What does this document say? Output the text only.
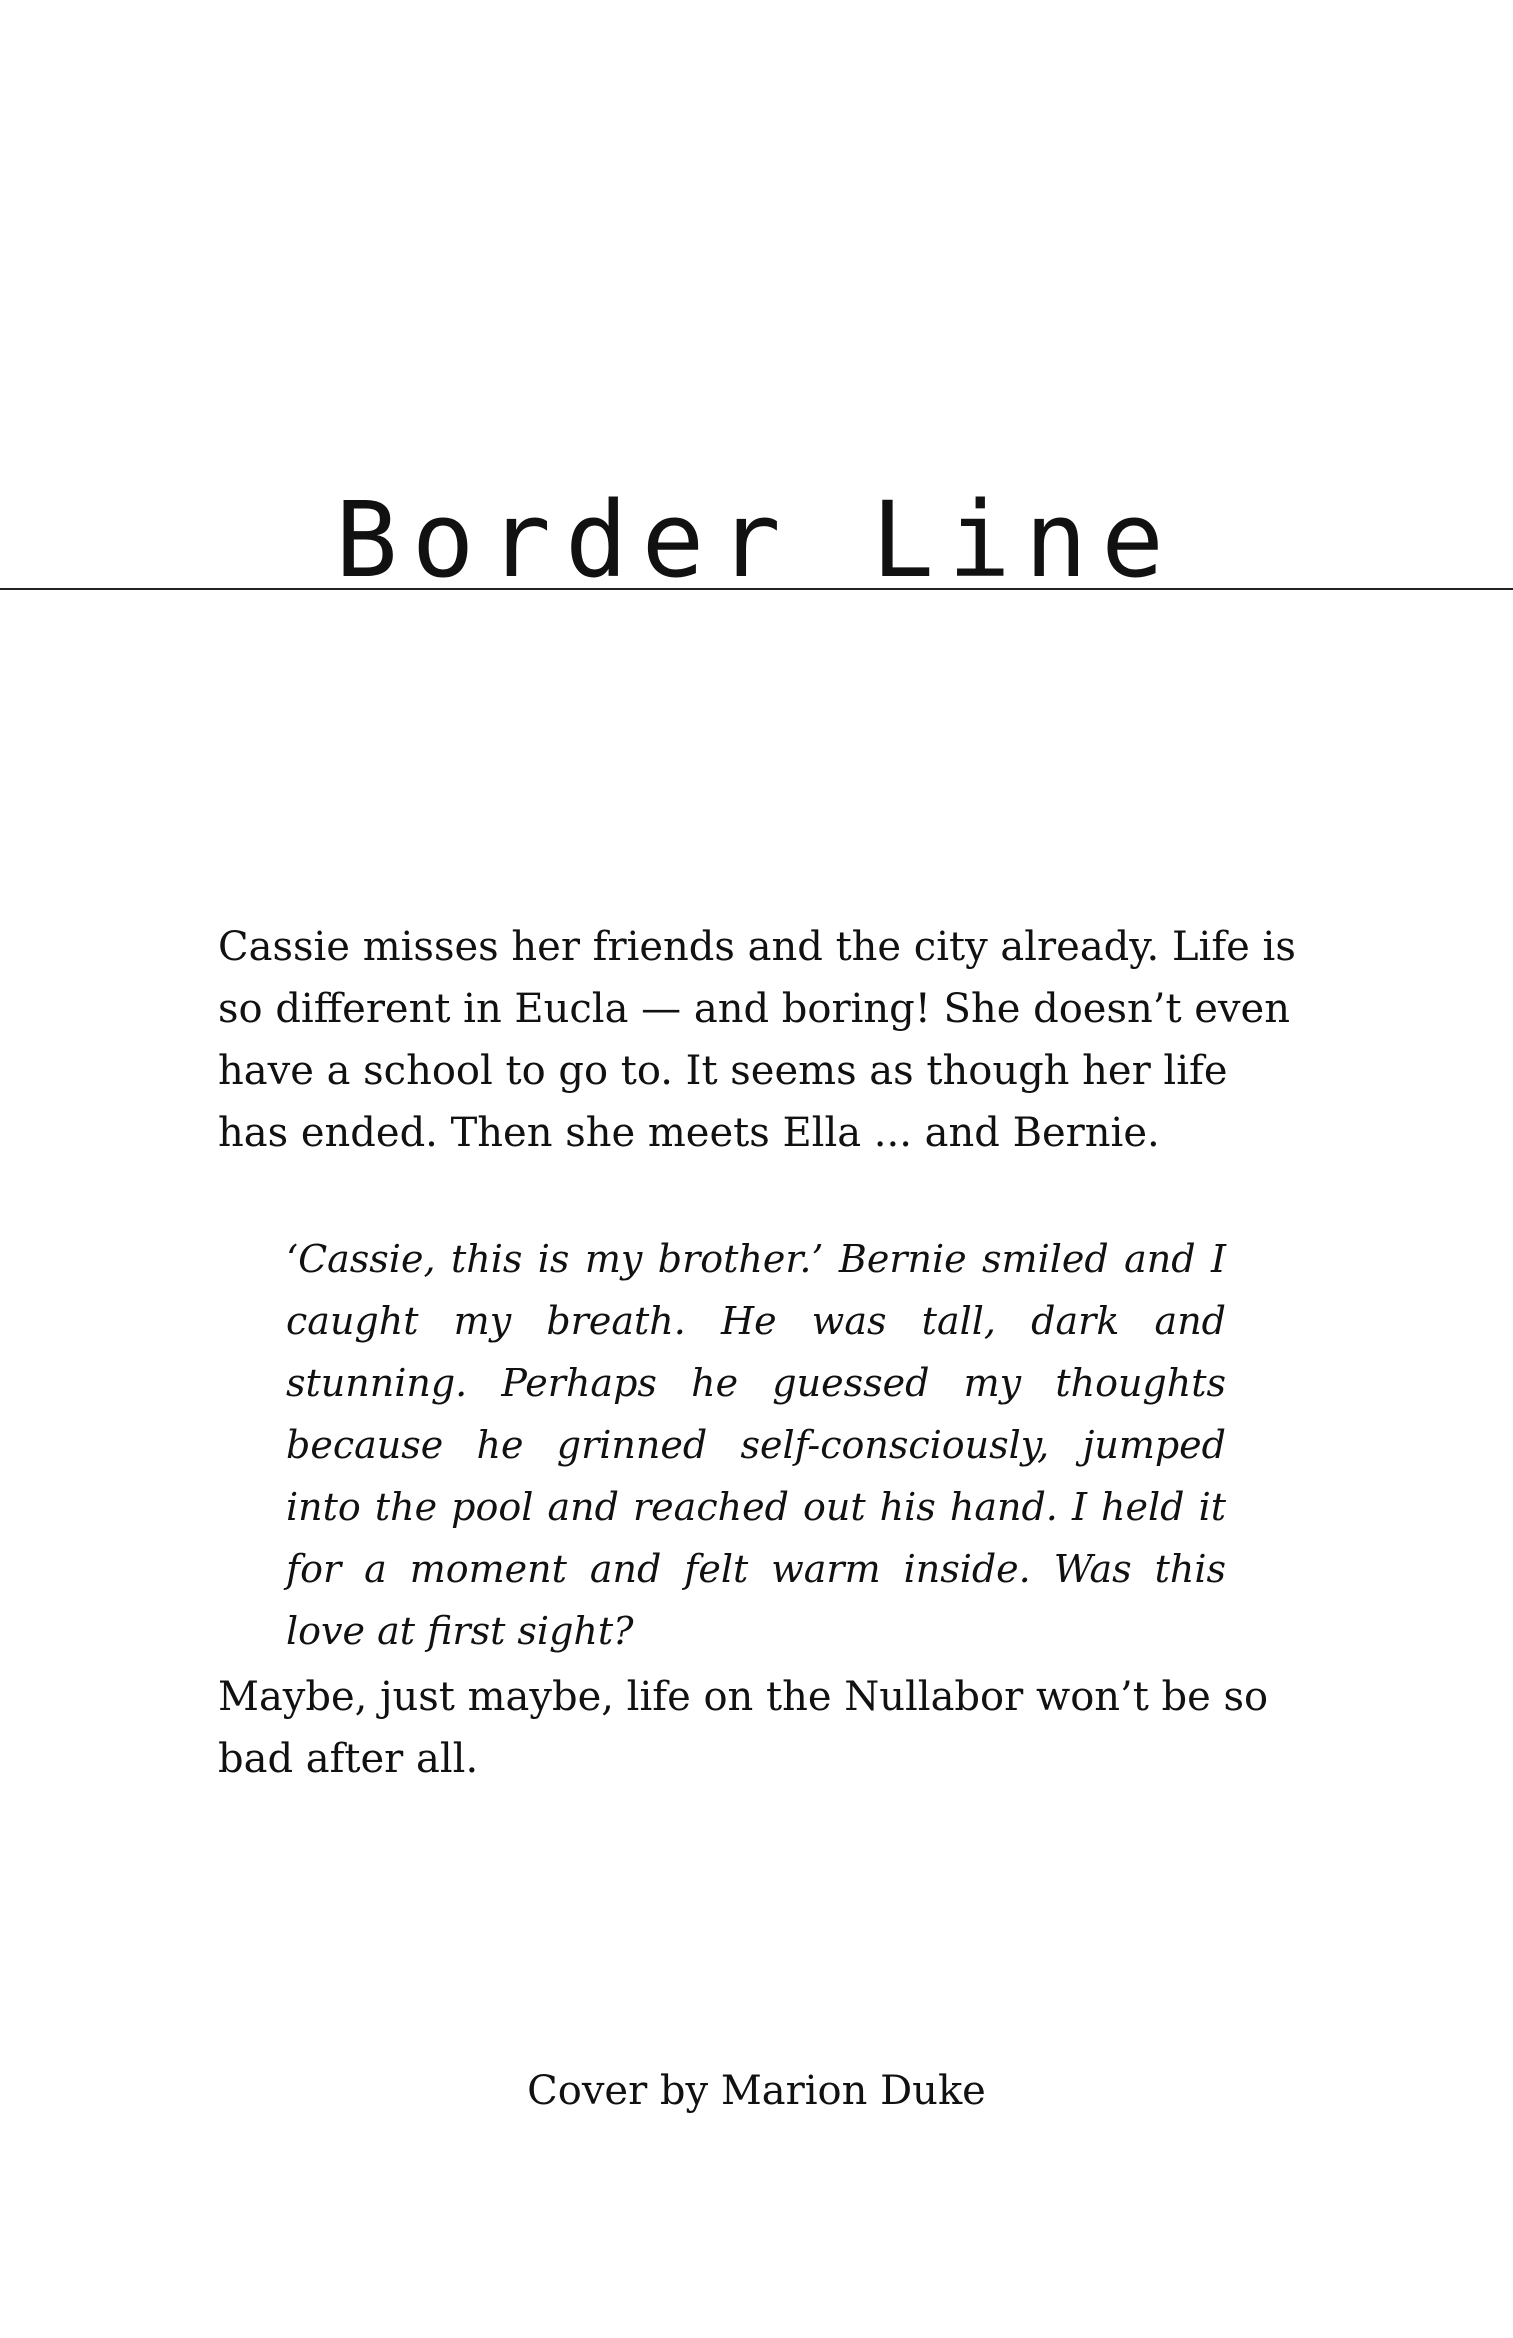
Border Line

Cassie misses her friends and the city already. Life is so different in Eucla — and boring! She doesn’t even have a school to go to. It seems as though her life has ended. Then she meets Ella ... and Bernie.

‘Cassie, this is my brother.’ Bernie smiled and I caught my breath. He was tall, dark and stunning. Perhaps he guessed my thoughts because he grinned self-consciously, jumped into the pool and reached out his hand. I held it for a moment and felt warm inside. Was this love at first sight?

Maybe, just maybe, life on the Nullabor won’t be so bad after all.

Cover by Marion Duke
